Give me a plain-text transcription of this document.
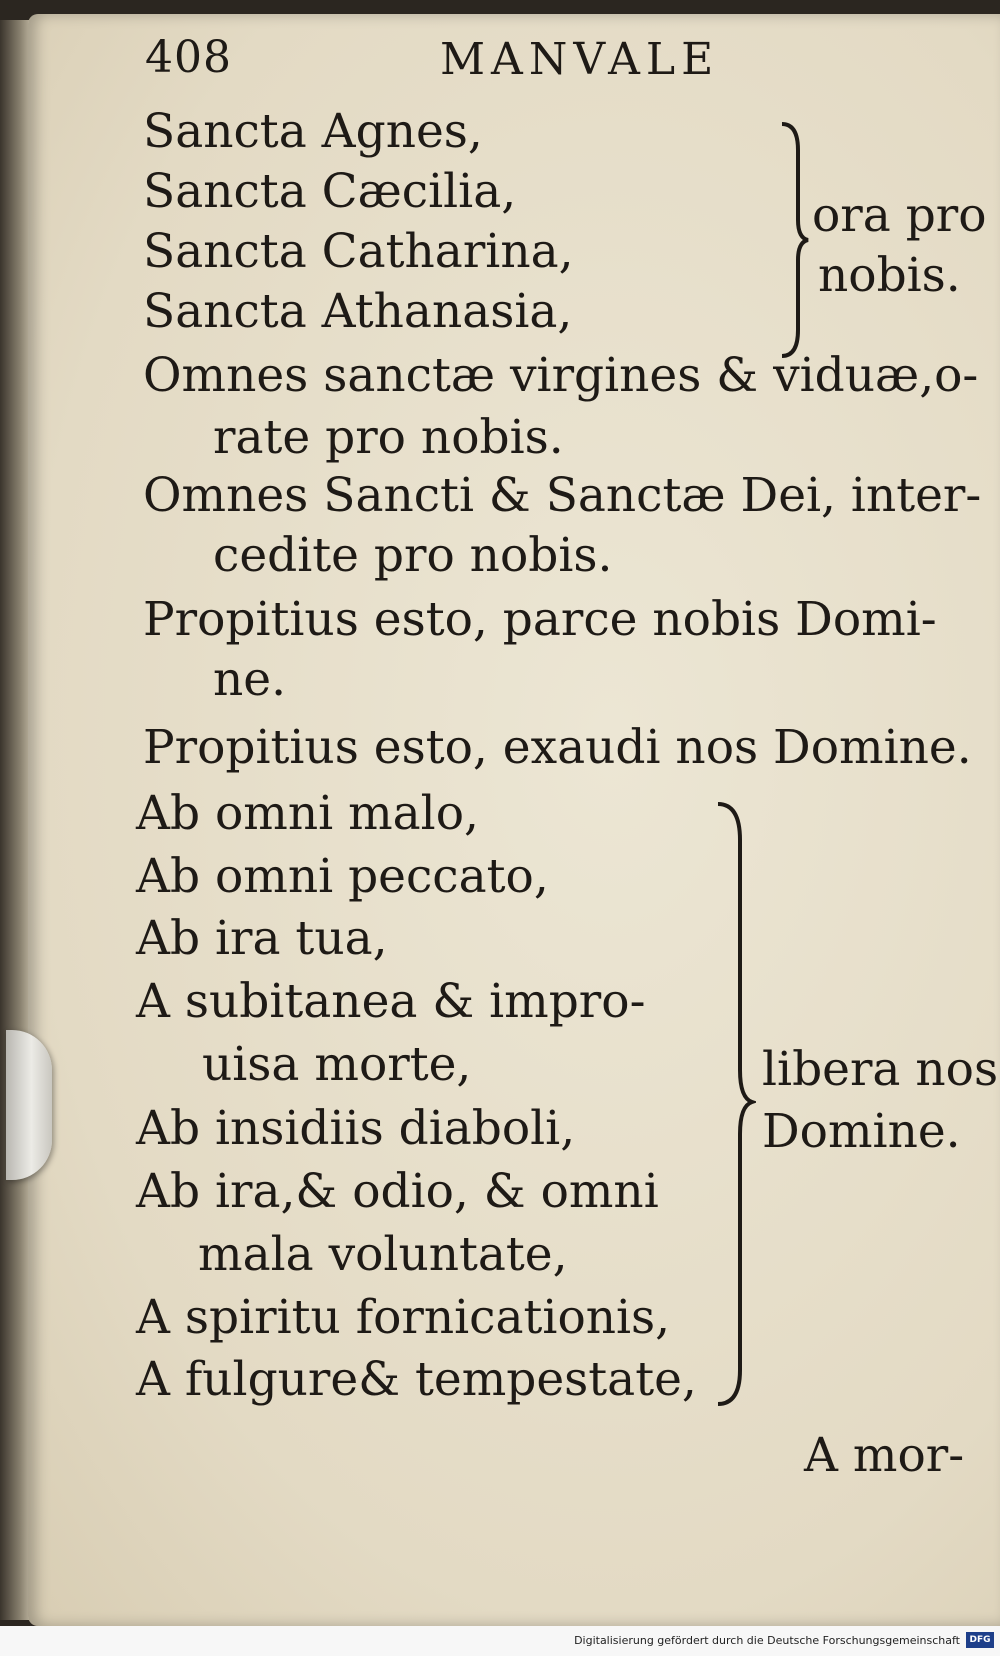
408	MANVALE
Sancta Agnes,
Sancta Cæcilia,
Sancta Catharina,
Sancta Athanasia,
ora pro
nobis.
Omnes sanctæ virgines & viduæ,o-
rate pro nobis.
Omnes Sancti & Sanctæ Dei, inter-
cedite pro nobis.
Propitius esto, parce nobis Domi-
ne.
Propitius esto, exaudi nos Domine.
Ab omni malo,
Ab omni peccato,
Ab ira tua,
A subitanea & impro-
uisa morte,
Ab insidiis diaboli,
Ab ira,& odio, & omni
mala voluntate,
A spiritu fornicationis,
A fulgure& tempestate,
libera nos
Domine.
A mor-
Digitalisierung gefördert durch die Deutsche Forschungsgemeinschaft	DFG
